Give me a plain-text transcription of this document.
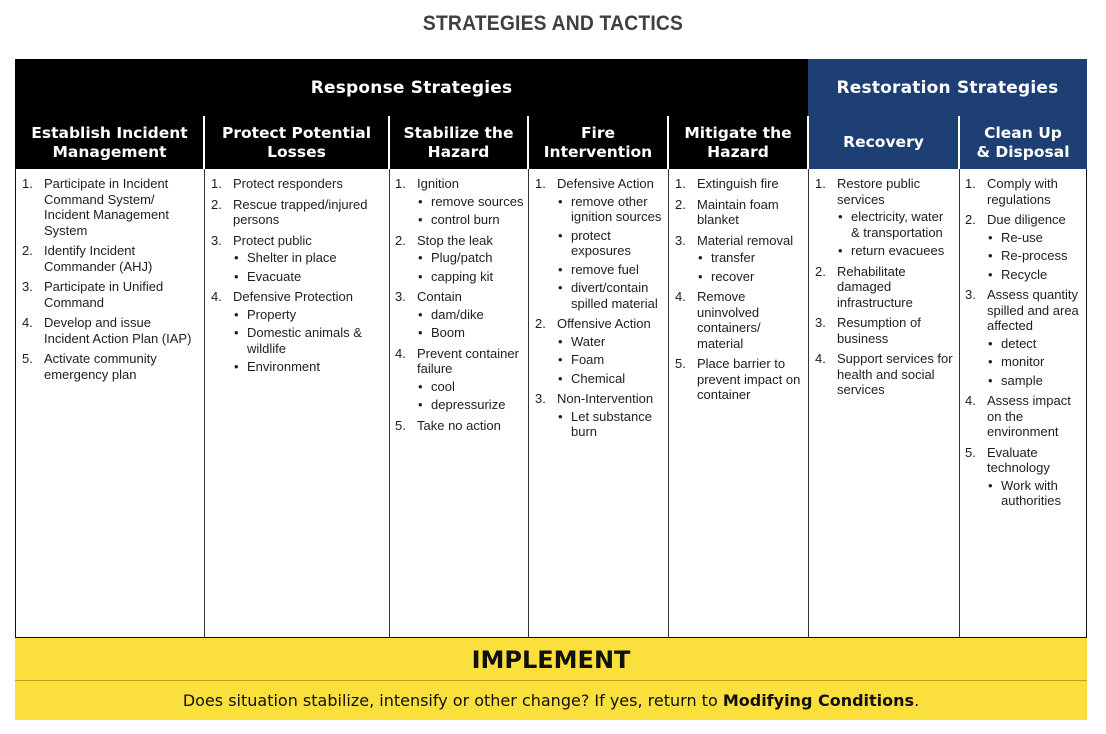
STRATEGIES AND TACTICS
Response Strategies	Restoration Strategies
Establish Incident
Management
Protect Potential
Losses
Stabilize the
Hazard
Fire
Intervention
Mitigate the
Hazard
Recovery
Clean Up
& Disposal
1. Participate in Incident Command System/ Incident Management System
2. Identify Incident Commander (AHJ)
3. Participate in Unified Command
4. Develop and issue Incident Action Plan (IAP)
5. Activate community emergency plan
1. Protect responders
2. Rescue trapped/injured persons
3. Protect public
• Shelter in place
• Evacuate
4. Defensive Protection
• Property
• Domestic animals & wildlife
• Environment
1. Ignition
• remove sources
• control burn
2. Stop the leak
• Plug/patch
• capping kit
3. Contain
• dam/dike
• Boom
4. Prevent container failure
• cool
• depressurize
5. Take no action
1. Defensive Action
• remove other ignition sources
• protect exposures
• remove fuel
• divert/contain spilled material
2. Offensive Action
• Water
• Foam
• Chemical
3. Non-Intervention
• Let substance burn
1. Extinguish fire
2. Maintain foam blanket
3. Material removal
• transfer
• recover
4. Remove uninvolved containers/ material
5. Place barrier to prevent impact on container
1. Restore public services
• electricity, water & transportation
• return evacuees
2. Rehabilitate damaged infrastructure
3. Resumption of business
4. Support services for health and social services
1. Comply with regulations
2. Due diligence
• Re-use
• Re-process
• Recycle
3. Assess quantity spilled and area affected
• detect
• monitor
• sample
4. Assess impact on the environment
5. Evaluate technology
• Work with authorities
IMPLEMENT
Does situation stabilize, intensify or other change? If yes, return to
Modifying Conditions .
